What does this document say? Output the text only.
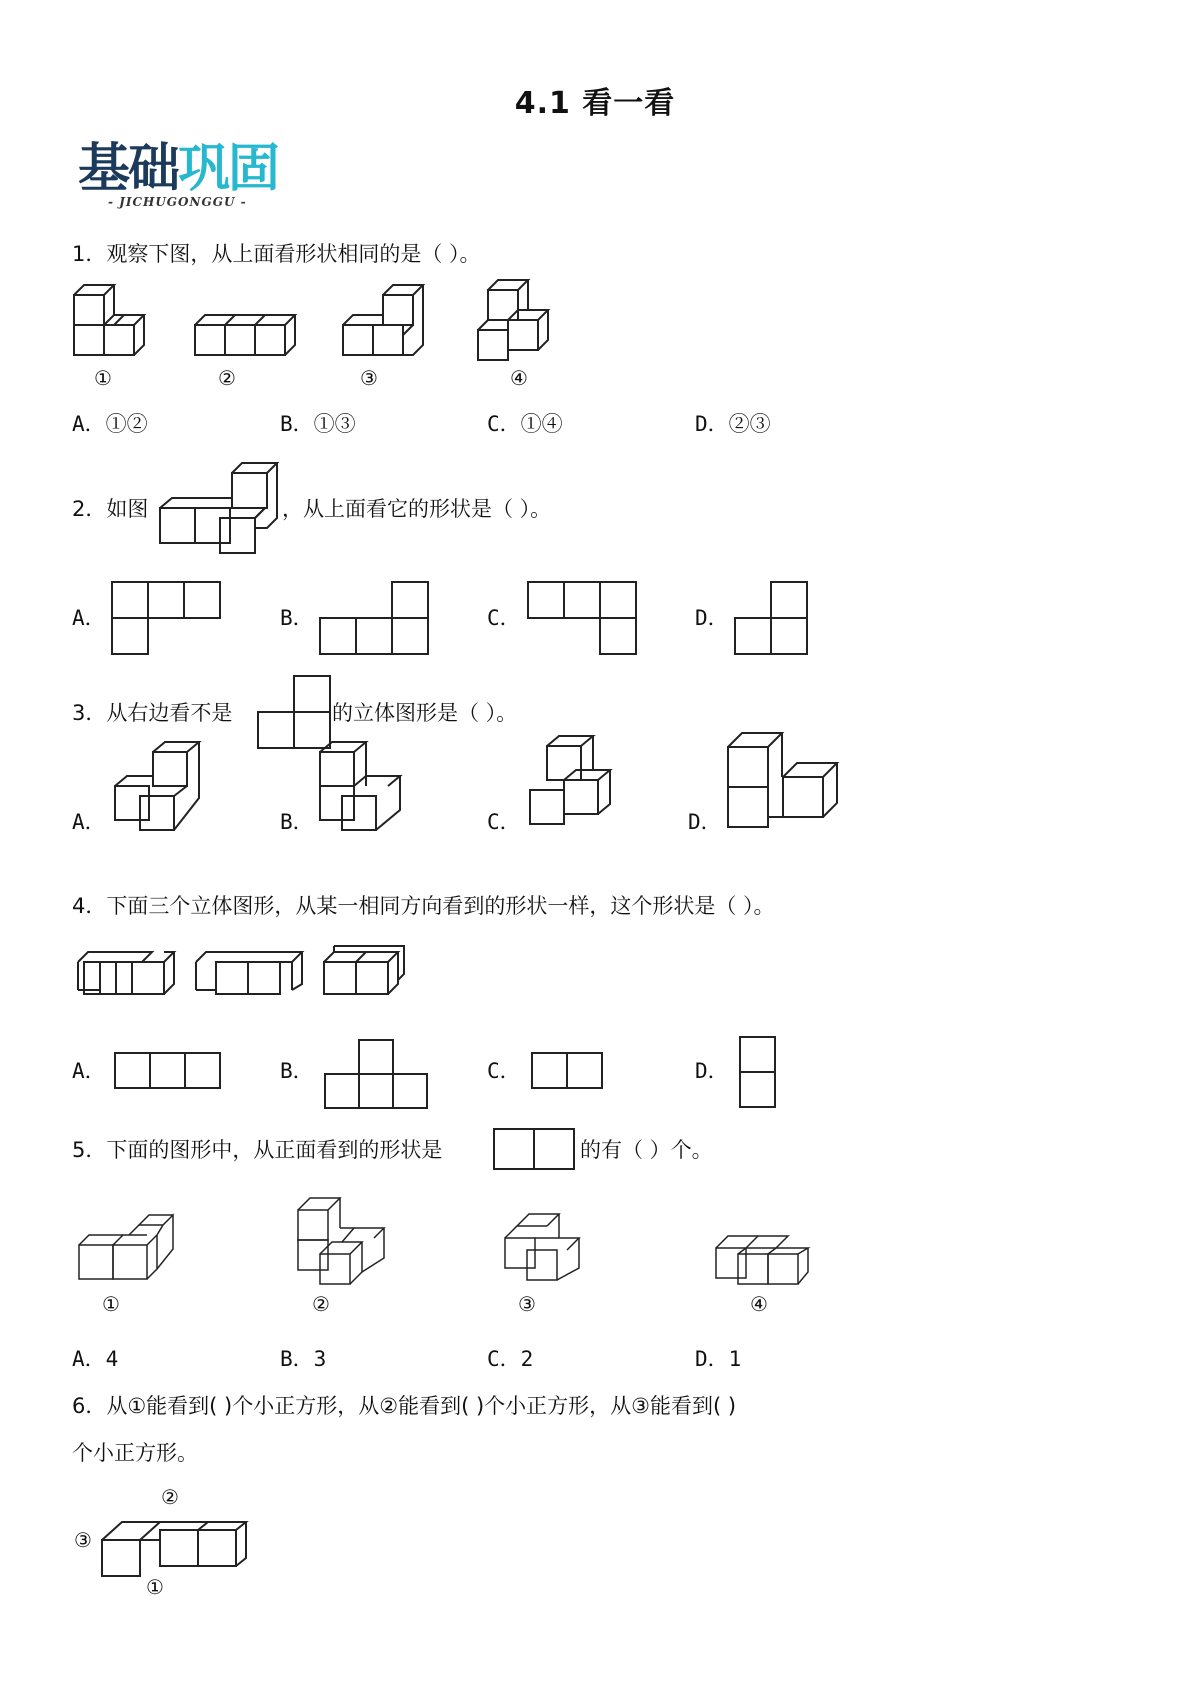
4.1 看一看
基础巩固
- JICHUGONGGU -
1．观察下图，从上面看形状相同的是（ ）。
①	②	③	④
A．①②	B．①③	C．①④	D．②③
2．如图	，从上面看它的形状是（ ）。
A．	B．	C．	D．
3．从右边看不是	的立体图形是（ ）。
A．	B．	C．	D．
4．下面三个立体图形，从某一相同方向看到的形状一样，这个形状是（ ）。
A．	B．	C．	D．
5．下面的图形中，从正面看到的形状是	的有（ ）个。
①	②	③	④
A．4	B．3	C．2	D．1
6．从①能看到( )个小正方形，从②能看到( )个小正方形，从③能看到( )
个小正方形。
②
③
①
